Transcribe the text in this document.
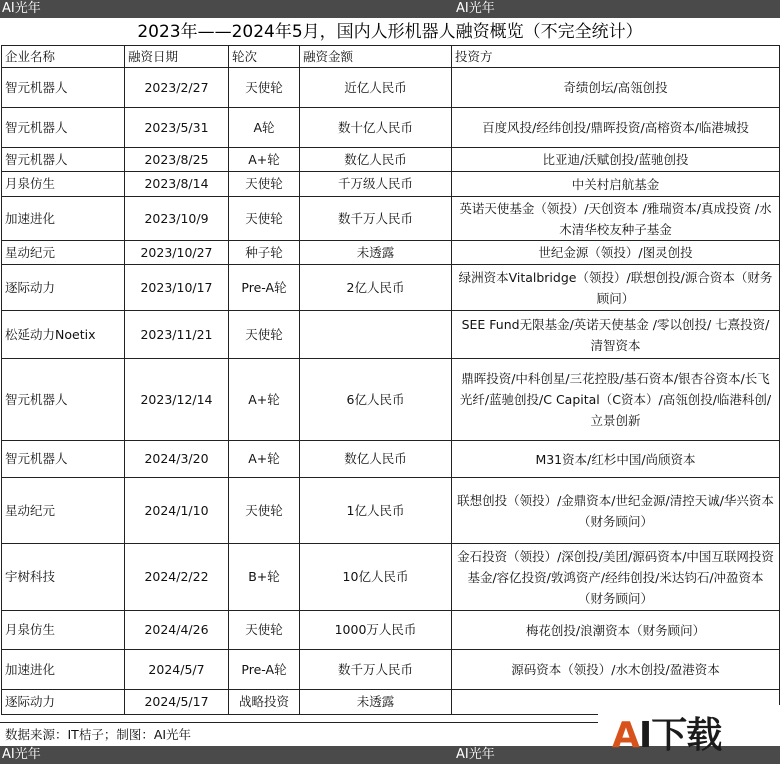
AI光年	AI光年
2023年——2024年5月，国内人形机器人融资概览（不完全统计）
企业名称	融资日期	轮次	融资金额	投资方
智元机器人	2023/2/27	天使轮	近亿人民币	奇绩创坛/高瓴创投
智元机器人	2023/5/31	A轮	数十亿人民币	百度风投/经纬创投/鼎晖投资/高榕资本/临港城投
智元机器人	2023/8/25	A+轮	数亿人民币	比亚迪/沃赋创投/蓝驰创投
月泉仿生	2023/8/14	天使轮	千万级人民币	中关村启航基金
加速进化	2023/10/9	天使轮	数千万人民币	英诺天使基金（领投）/天创资本 /雅瑞资本/真成投资 /水木清华校友种子基金
星动纪元	2023/10/27	种子轮	未透露	世纪金源（领投）/图灵创投
逐际动力	2023/10/17	Pre-A轮	2亿人民币	绿洲资本Vitalbridge（领投）/联想创投/源合资本（财务顾问）
松延动力Noetix	2023/11/21	天使轮		SEE Fund无限基金/英诺天使基金 /零以创投/ 七熹投资/ 清智资本
智元机器人	2023/12/14	A+轮	6亿人民币	鼎晖投资/中科创星/三花控股/基石资本/银杏谷资本/长飞光纤/蓝驰创投/C Capital（C资本）/高瓴创投/临港科创/立景创新
智元机器人	2024/3/20	A+轮	数亿人民币	M31资本/红杉中国/尚颀资本
星动纪元	2024/1/10	天使轮	1亿人民币	联想创投（领投）/金鼎资本/世纪金源/清控天诚/华兴资本（财务顾问）
宇树科技	2024/2/22	B+轮	10亿人民币	金石投资（领投）/深创投/美团/源码资本/中国互联网投资基金/容亿投资/敦鸿资产/经纬创投/米达钧石/冲盈资本（财务顾问）
月泉仿生	2024/4/26	天使轮	1000万人民币	梅花创投/浪潮资本（财务顾问）
加速进化	2024/5/7	Pre-A轮	数千万人民币	源码资本（领投）/水木创投/盈港资本
逐际动力	2024/5/17	战略投资	未透露	
数据来源：IT桔子；制图：AI光年
AI光年	AI光年	AI下载
